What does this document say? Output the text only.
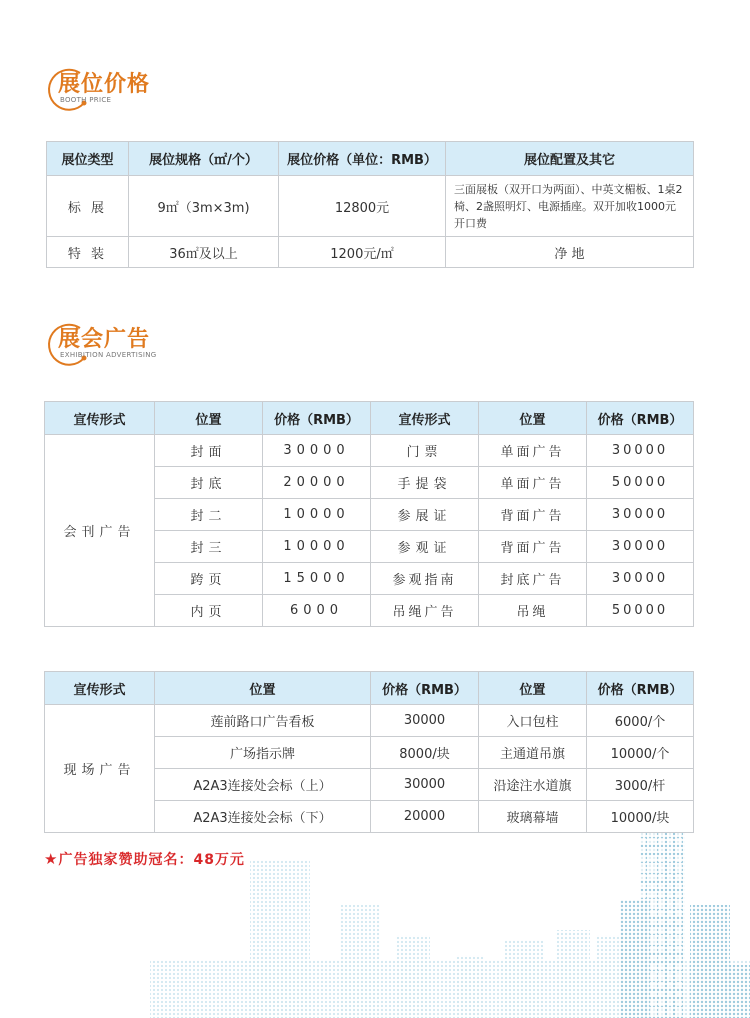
展位价格
BOOTH PRICE
展位类型	展位规格（㎡/个）	展位价格（单位：RMB）	展位配置及其它
标 展	9㎡（3m×3m)	12800元	三面展板（双开口为两面）、中英文楣板、1桌2椅、2盏照明灯、电源插座。双开加收1000元开口费
特 装	36㎡及以上	1200元/㎡	净 地
展会广告
EXHIBITION ADVERTISING
宣传形式	位置	价格（RMB）	宣传形式	位置	价格（RMB）
会刊广告	封面	30000	门票	单面广告	30000
	封底	20000	手提袋	单面广告	50000
	封二	10000	参展证	背面广告	30000
	封三	10000	参观证	背面广告	30000
	跨页	15000	参观指南	封底广告	30000
	内页	6000	吊绳广告	吊绳	50000
宣传形式	位置	价格（RMB）	位置	价格（RMB）
现场广告	莲前路口广告看板	30000	入口包柱	6000/个
	广场指示牌	8000/块	主通道吊旗	10000/个
	A2A3连接处会标（上）	30000	沿途注水道旗	3000/杆
	A2A3连接处会标（下）	20000	玻璃幕墙	10000/块
★广告独家赞助冠名：48万元
